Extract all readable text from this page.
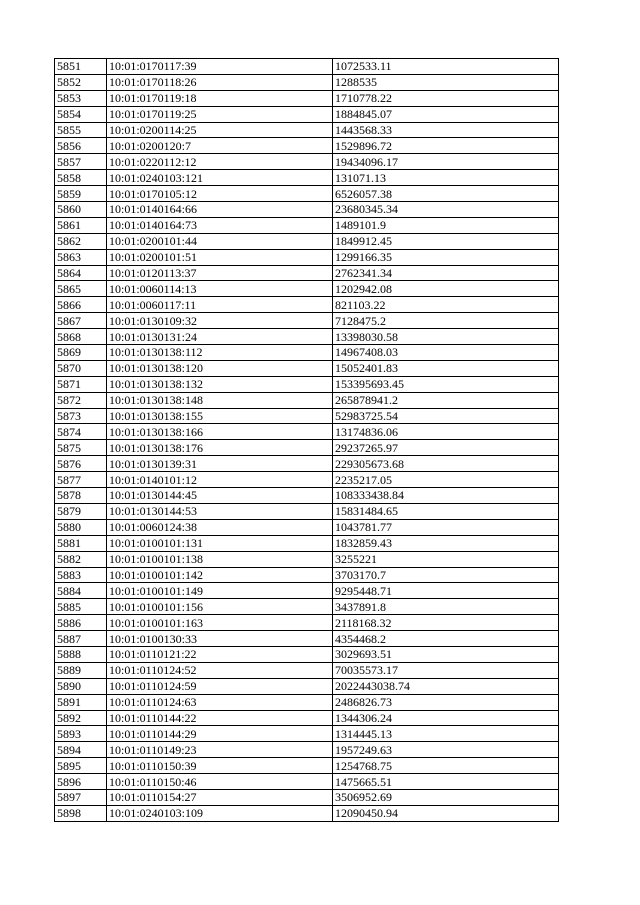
5851	10:01:0170117:39	1072533.11
5852	10:01:0170118:26	1288535
5853	10:01:0170119:18	1710778.22
5854	10:01:0170119:25	1884845.07
5855	10:01:0200114:25	1443568.33
5856	10:01:0200120:7	1529896.72
5857	10:01:0220112:12	19434096.17
5858	10:01:0240103:121	131071.13
5859	10:01:0170105:12	6526057.38
5860	10:01:0140164:66	23680345.34
5861	10:01:0140164:73	1489101.9
5862	10:01:0200101:44	1849912.45
5863	10:01:0200101:51	1299166.35
5864	10:01:0120113:37	2762341.34
5865	10:01:0060114:13	1202942.08
5866	10:01:0060117:11	821103.22
5867	10:01:0130109:32	7128475.2
5868	10:01:0130131:24	13398030.58
5869	10:01:0130138:112	14967408.03
5870	10:01:0130138:120	15052401.83
5871	10:01:0130138:132	153395693.45
5872	10:01:0130138:148	265878941.2
5873	10:01:0130138:155	52983725.54
5874	10:01:0130138:166	13174836.06
5875	10:01:0130138:176	29237265.97
5876	10:01:0130139:31	229305673.68
5877	10:01:0140101:12	2235217.05
5878	10:01:0130144:45	108333438.84
5879	10:01:0130144:53	15831484.65
5880	10:01:0060124:38	1043781.77
5881	10:01:0100101:131	1832859.43
5882	10:01:0100101:138	3255221
5883	10:01:0100101:142	3703170.7
5884	10:01:0100101:149	9295448.71
5885	10:01:0100101:156	3437891.8
5886	10:01:0100101:163	2118168.32
5887	10:01:0100130:33	4354468.2
5888	10:01:0110121:22	3029693.51
5889	10:01:0110124:52	70035573.17
5890	10:01:0110124:59	2022443038.74
5891	10:01:0110124:63	2486826.73
5892	10:01:0110144:22	1344306.24
5893	10:01:0110144:29	1314445.13
5894	10:01:0110149:23	1957249.63
5895	10:01:0110150:39	1254768.75
5896	10:01:0110150:46	1475665.51
5897	10:01:0110154:27	3506952.69
5898	10:01:0240103:109	12090450.94
